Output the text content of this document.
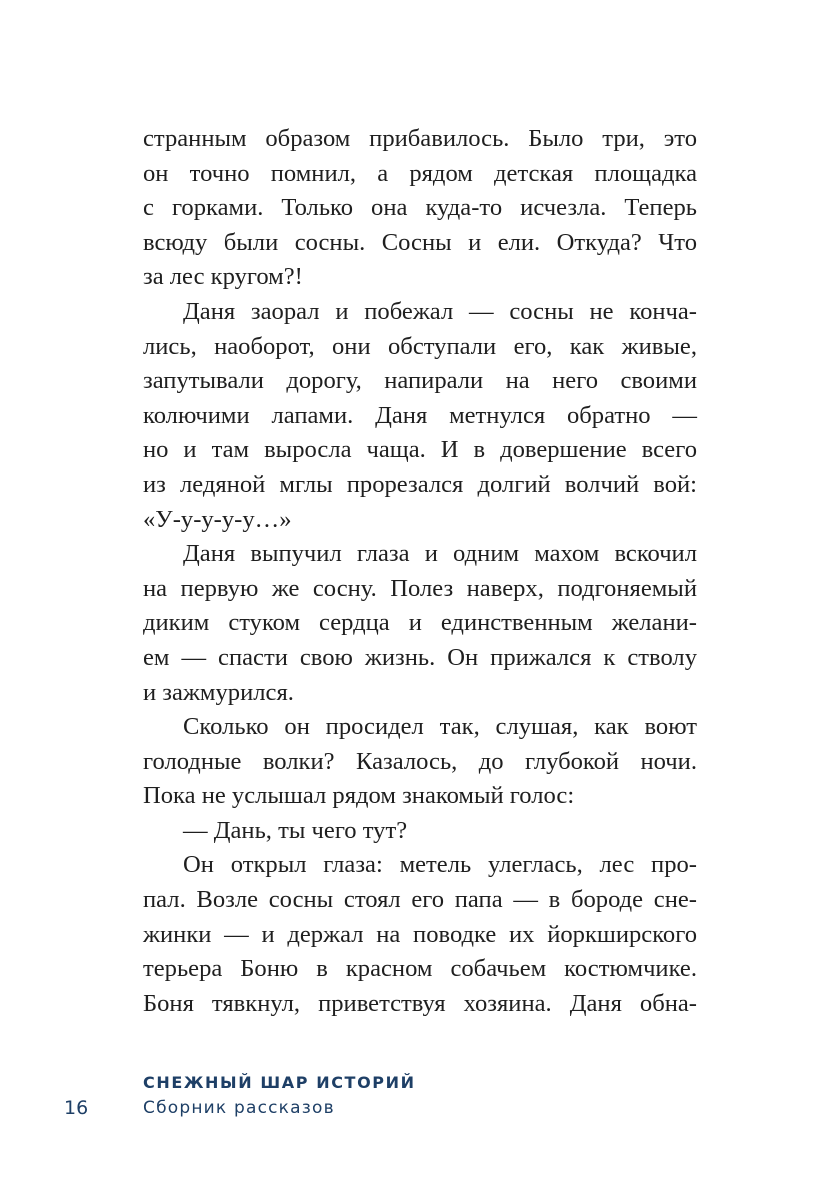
странным образом прибавилось. Было три, это
он точно помнил, а рядом детская площадка
с горками. Только она куда-то исчезла. Теперь
всюду были сосны. Сосны и ели. Откуда? Что
за лес кругом?!
Даня заорал и побежал — сосны не конча-
лись, наоборот, они обступали его, как живые,
запутывали дорогу, напирали на него своими
колючими лапами. Даня метнулся обратно —
но и там выросла чаща. И в довершение всего
из ледяной мглы прорезался долгий волчий вой:
«У-у-у-у-у…»
Даня выпучил глаза и одним махом вскочил
на первую же сосну. Полез наверх, подгоняемый
диким стуком сердца и единственным желани-
ем — спасти свою жизнь. Он прижался к стволу
и зажмурился.
Сколько он просидел так, слушая, как воют
голодные волки? Казалось, до глубокой ночи.
Пока не услышал рядом знакомый голос:
— Дань, ты чего тут?
Он открыл глаза: метель улеглась, лес про-
пал. Возле сосны стоял его папа — в бороде сне-
жинки — и держал на поводке их йоркширского
терьера Боню в красном собачьем костюмчике.
Боня тявкнул, приветствуя хозяина. Даня обна-
СНЕЖНЫЙ ШАР ИСТОРИЙ
Сборник рассказов
16
